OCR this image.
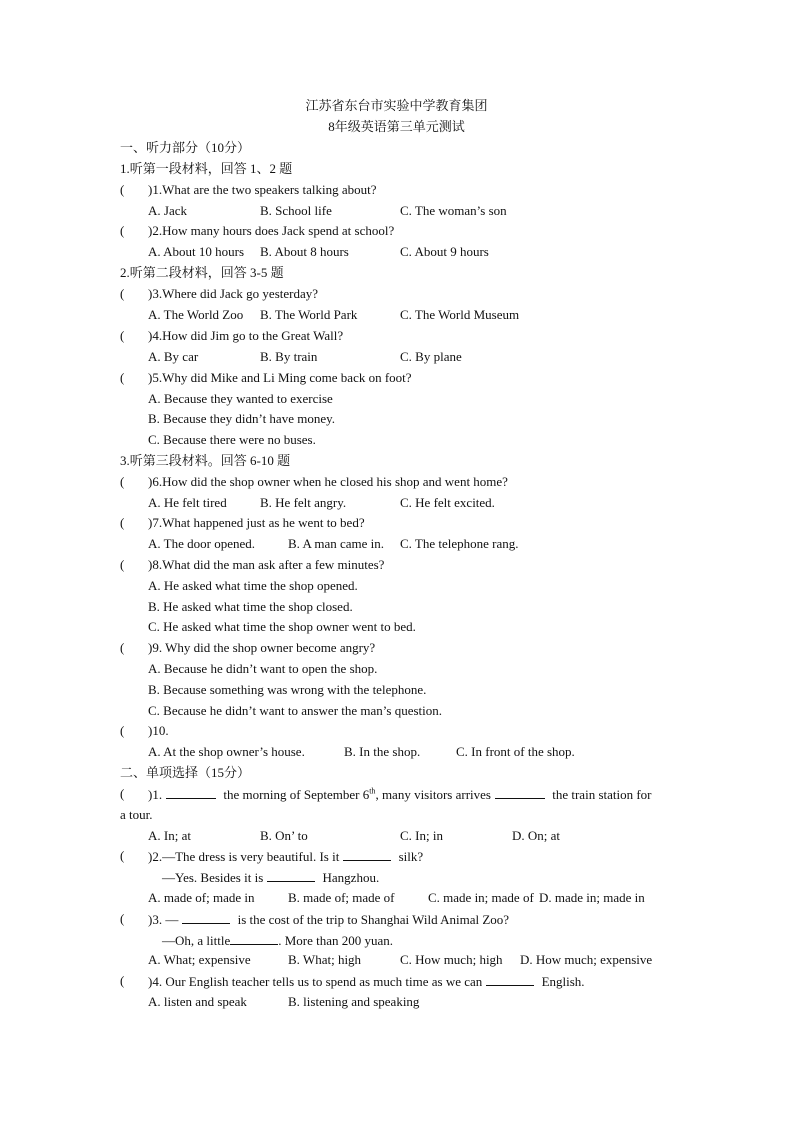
江苏省东台市实验中学教育集团
8年级英语第三单元测试
一、听力部分（10分）
1.听第一段材料，回答 1、2 题
( )1.What are the two speakers talking about?
A. Jack	B. School life	C. The woman’s son
( )2.How many hours does Jack spend at school?
A. About 10 hours B. About 8 hours	C. About 9 hours
2.听第二段材料，回答 3-5 题
( )3.Where did Jack go yesterday?
A. The World Zoo B. The World Park	C. The World Museum
( )4.How did Jim go to the Great Wall?
A. By car	B. By train	C. By plane
( )5.Why did Mike and Li Ming come back on foot?
A. Because they wanted to exercise
B. Because they didn’t have money.
C. Because there were no buses.
3.听第三段材料。回答 6-10 题
( )6.How did the shop owner when he closed his shop and went home?
A. He felt tired	B. He felt angry.	C. He felt excited.
( )7.What happened just as he went to bed?
A. The door opened.	B. A man came in. C. The telephone rang.
( )8.What did the man ask after a few minutes?
A. He asked what time the shop opened.
B. He asked what time the shop closed.
C. He asked what time the shop owner went to bed.
( )9. Why did the shop owner become angry?
A. Because he didn’t want to open the shop.
B. Because something was wrong with the telephone.
C. Because he didn’t want to answer the man’s question.
( )10.
A. At the shop owner’s house.	B. In the shop.	C. In front of the shop.
二、单项选择（15分）
( )1.	the morning of September 6th, many visitors arrives	the train station for
a tour.
A. In; at	B. On’ to	C. In; in	D. On; at
( )2.—The dress is very beautiful. Is it	silk?
—Yes. Besides it is	Hangzhou.
A. made of; made in	B. made of; made of	C. made in; made of D. made in; made in
( )3. —	is the cost of the trip to Shanghai Wild Animal Zoo?
—Oh, a little	. More than 200 yuan.
A. What; expensive	B. What; high	C. How much; high D. How much; expensive
( )4. Our English teacher tells us to spend as much time as we can	English.
A. listen and speak	B. listening and speaking
